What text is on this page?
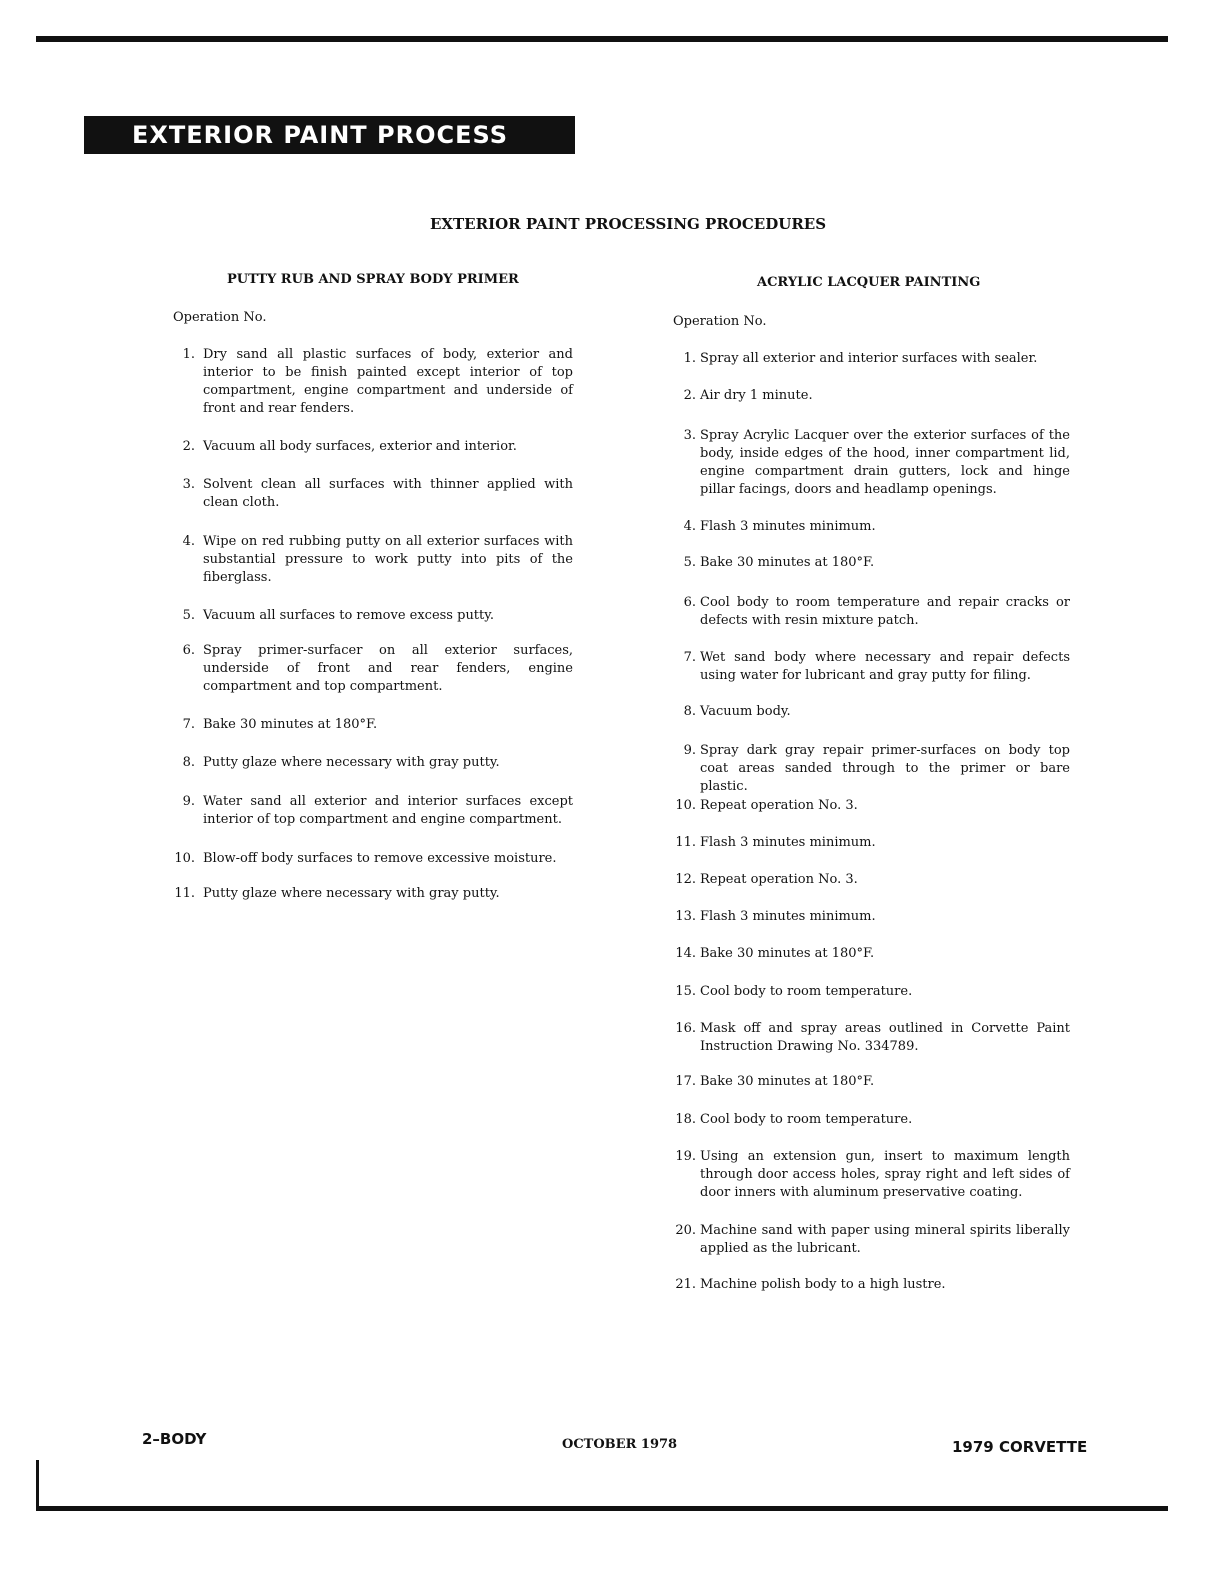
EXTERIOR PAINT PROCESS
EXTERIOR PAINT PROCESSING PROCEDURES
PUTTY RUB AND SPRAY BODY PRIMER
Operation No.
1. Dry sand all plastic surfaces of body, exterior and interior to be finish painted except interior of top compartment, engine compartment and underside of front and rear fenders.
2. Vacuum all body surfaces, exterior and interior.
3. Solvent clean all surfaces with thinner applied with clean cloth.
4. Wipe on red rubbing putty on all exterior surfaces with substantial pressure to work putty into pits of the fiberglass.
5. Vacuum all surfaces to remove excess putty.
6. Spray primer-surfacer on all exterior surfaces, underside of front and rear fenders, engine compartment and top compartment.
7. Bake 30 minutes at 180°F.
8. Putty glaze where necessary with gray putty.
9. Water sand all exterior and interior surfaces except interior of top compartment and engine compartment.
10. Blow-off body surfaces to remove excessive moisture.
11. Putty glaze where necessary with gray putty.
ACRYLIC LACQUER PAINTING
Operation No.
1. Spray all exterior and interior surfaces with sealer.
2. Air dry 1 minute.
3. Spray Acrylic Lacquer over the exterior surfaces of the body, inside edges of the hood, inner compartment lid, engine compartment drain gutters, lock and hinge pillar facings, doors and headlamp openings.
4. Flash 3 minutes minimum.
5. Bake 30 minutes at 180°F.
6. Cool body to room temperature and repair cracks or defects with resin mixture patch.
7. Wet sand body where necessary and repair defects using water for lubricant and gray putty for filing.
8. Vacuum body.
9. Spray dark gray repair primer-surfaces on body top coat areas sanded through to the primer or bare plastic.
10. Repeat operation No. 3.
11. Flash 3 minutes minimum.
12. Repeat operation No. 3.
13. Flash 3 minutes minimum.
14. Bake 30 minutes at 180°F.
15. Cool body to room temperature.
16. Mask off and spray areas outlined in Corvette Paint Instruction Drawing No. 334789.
17. Bake 30 minutes at 180°F.
18. Cool body to room temperature.
19. Using an extension gun, insert to maximum length through door access holes, spray right and left sides of door inners with aluminum preservative coating.
20. Machine sand with paper using mineral spirits liberally applied as the lubricant.
21. Machine polish body to a high lustre.
2–BODY	OCTOBER 1978	1979 CORVETTE
